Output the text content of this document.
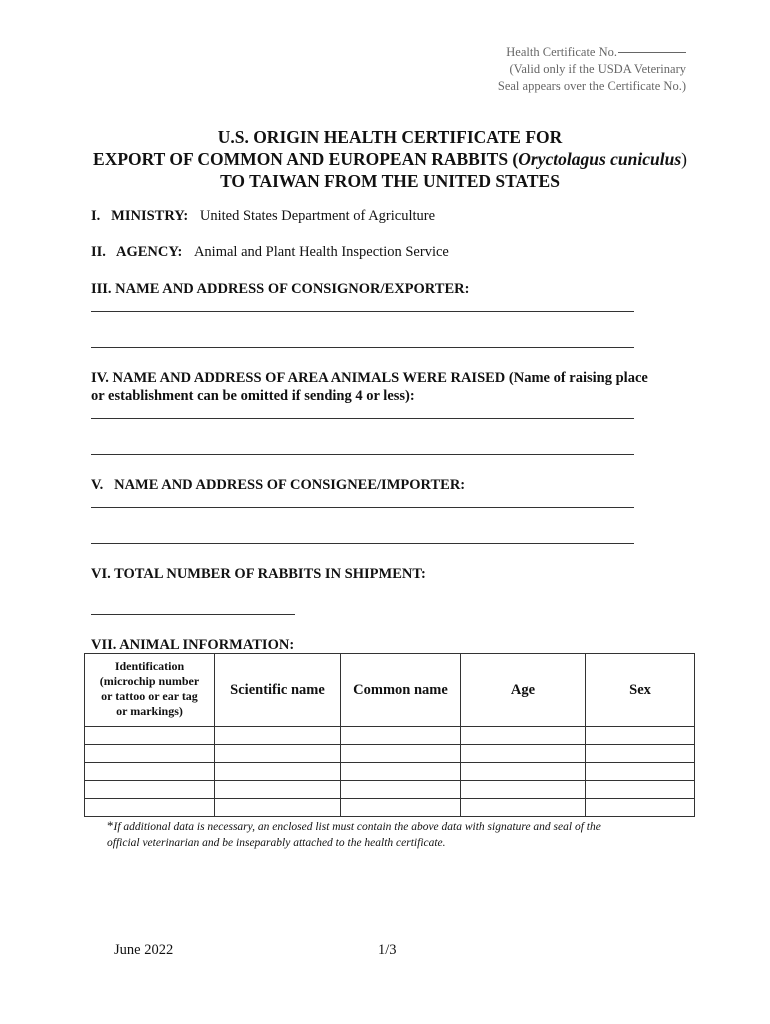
Health Certificate No.
(Valid only if the USDA Veterinary
Seal appears over the Certificate No.)
U.S. ORIGIN HEALTH CERTIFICATE FOR
EXPORT OF COMMON AND EUROPEAN RABBITS (Oryctolagus cuniculus)
TO TAIWAN FROM THE UNITED STATES
I.   MINISTRY: United States Department of Agriculture
II.   AGENCY: Animal and Plant Health Inspection Service
III. NAME AND ADDRESS OF CONSIGNOR/EXPORTER:
IV. NAME AND ADDRESS OF AREA ANIMALS WERE RAISED (Name of raising place
or establishment can be omitted if sending 4 or less):
V.   NAME AND ADDRESS OF CONSIGNEE/IMPORTER:
VI. TOTAL NUMBER OF RABBITS IN SHIPMENT:
VII. ANIMAL INFORMATION:
Identification
(microchip number
or tattoo or ear tag
or markings)	Scientific name	Common name	Age	Sex

*If additional data is necessary, an enclosed list must contain the above data with signature and seal of the
official veterinarian and be inseparably attached to the health certificate.
June 2022	1/3
